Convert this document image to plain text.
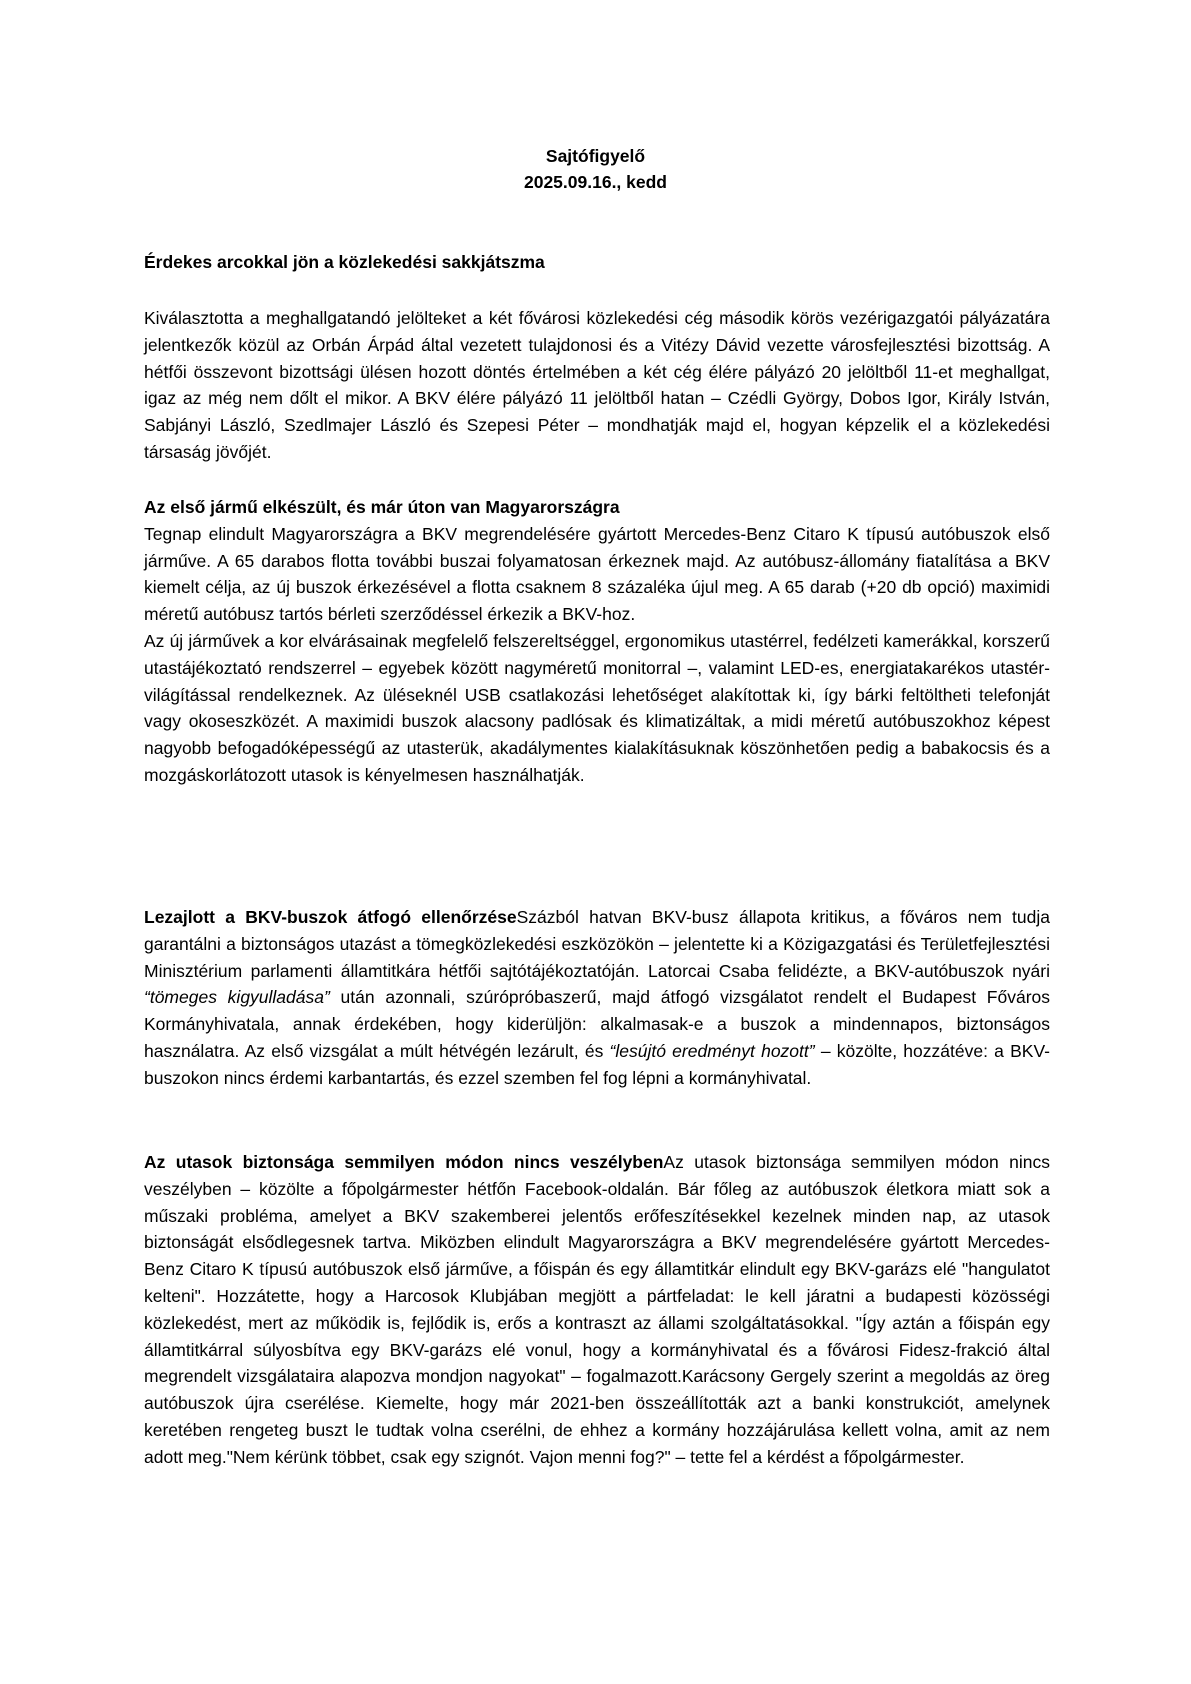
Sajtófigyelő
2025.09.16., kedd

Érdekes arcokkal jön a közlekedési sakkjátszma

Kiválasztotta a meghallgatandó jelölteket a két fővárosi közlekedési cég második körös vezérigazgatói pályázatára jelentkezők közül az Orbán Árpád által vezetett tulajdonosi és a Vitézy Dávid vezette városfejlesztési bizottság. A hétfői összevont bizottsági ülésen hozott döntés értelmében a két cég élére pályázó 20 jelöltből 11-et meghallgat, igaz az még nem dőlt el mikor. A BKV élére pályázó 11 jelöltből hatan – Czédli György, Dobos Igor, Király István, Sabjányi László, Szedlmajer László és Szepesi Péter – mondhatják majd el, hogyan képzelik el a közlekedési társaság jövőjét.

Az első jármű elkészült, és már úton van Magyarországra

Tegnap elindult Magyarországra a BKV megrendelésére gyártott Mercedes-Benz Citaro K típusú autóbuszok első járműve. A 65 darabos flotta további buszai folyamatosan érkeznek majd. Az autóbusz-állomány fiatalítása a BKV kiemelt célja, az új buszok érkezésével a flotta csaknem 8 százaléka újul meg. A 65 darab (+20 db opció) maximidi méretű autóbusz tartós bérleti szerződéssel érkezik a BKV-hoz.

Az új járművek a kor elvárásainak megfelelő felszereltséggel, ergonomikus utastérrel, fedélzeti kamerákkal, korszerű utastájékoztató rendszerrel – egyebek között nagyméretű monitorral –, valamint LED-es, energiatakarékos utastér-világítással rendelkeznek. Az üléseknél USB csatlakozási lehetőséget alakítottak ki, így bárki feltöltheti telefonját vagy okoseszközét. A maximidi buszok alacsony padlósak és klimatizáltak, a midi méretű autóbuszokhoz képest nagyobb befogadóképességű az utasterük, akadálymentes kialakításuknak köszönhetően pedig a babakocsis és a mozgáskorlátozott utasok is kényelmesen használhatják.

Lezajlott a BKV-buszok átfogó ellenőrzéseSzázból hatvan BKV-busz állapota kritikus, a főváros nem tudja garantálni a biztonságos utazást a tömegközlekedési eszközökön – jelentette ki a Közigazgatási és Területfejlesztési Minisztérium parlamenti államtitkára hétfői sajtótájékoztatóján. Latorcai Csaba felidézte, a BKV-autóbuszok nyári “tömeges kigyulladása” után azonnali, szúrópróbaszerű, majd átfogó vizsgálatot rendelt el Budapest Főváros Kormányhivatala, annak érdekében, hogy kiderüljön: alkalmasak-e a buszok a mindennapos, biztonságos használatra. Az első vizsgálat a múlt hétvégén lezárult, és “lesújtó eredményt hozott” – közölte, hozzátéve: a BKV-buszokon nincs érdemi karbantartás, és ezzel szemben fel fog lépni a kormányhivatal.

Az utasok biztonsága semmilyen módon nincs veszélybenAz utasok biztonsága semmilyen módon nincs veszélyben – közölte a főpolgármester hétfőn Facebook-oldalán. Bár főleg az autóbuszok életkora miatt sok a műszaki probléma, amelyet a BKV szakemberei jelentős erőfeszítésekkel kezelnek minden nap, az utasok biztonságát elsődlegesnek tartva. Miközben elindult Magyarországra a BKV megrendelésére gyártott Mercedes-Benz Citaro K típusú autóbuszok első járműve, a főispán és egy államtitkár elindult egy BKV-garázs elé "hangulatot kelteni". Hozzátette, hogy a Harcosok Klubjában megjött a pártfeladat: le kell járatni a budapesti közösségi közlekedést, mert az működik is, fejlődik is, erős a kontraszt az állami szolgáltatásokkal. "Így aztán a főispán egy államtitkárral súlyosbítva egy BKV-garázs elé vonul, hogy a kormányhivatal és a fővárosi Fidesz-frakció által megrendelt vizsgálataira alapozva mondjon nagyokat" – fogalmazott.Karácsony Gergely szerint a megoldás az öreg autóbuszok újra cserélése. Kiemelte, hogy már 2021-ben összeállították azt a banki konstrukciót, amelynek keretében rengeteg buszt le tudtak volna cserélni, de ehhez a kormány hozzájárulása kellett volna, amit az nem adott meg."Nem kérünk többet, csak egy szignót. Vajon menni fog?" – tette fel a kérdést a főpolgármester.
